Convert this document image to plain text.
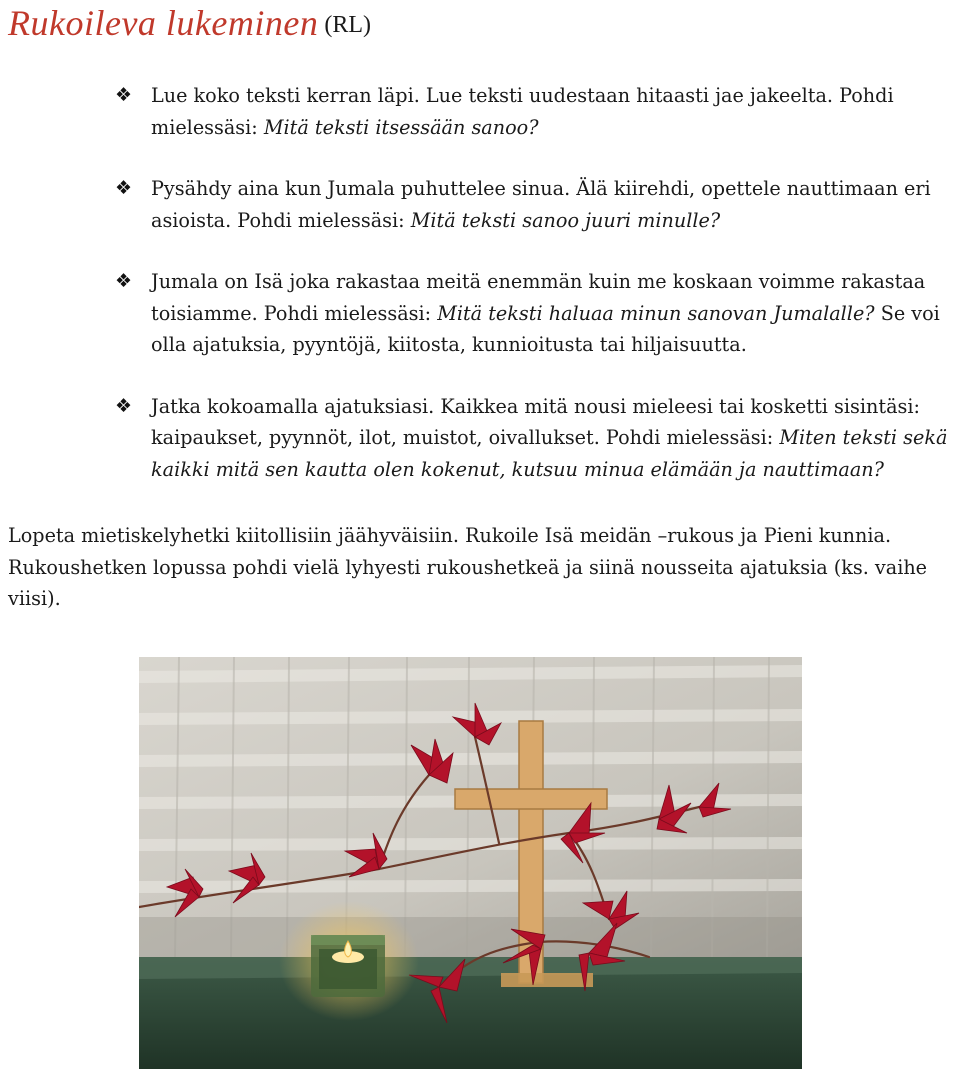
Rukoileva lukeminen (RL)
❖ Lue koko teksti kerran läpi. Lue teksti uudestaan hitaasti jae jakeelta. Pohdi mielessäsi: Mitä teksti itsessään sanoo?
❖ Pysähdy aina kun Jumala puhuttelee sinua. Älä kiirehdi, opettele nauttimaan eri asioista. Pohdi mielessäsi: Mitä teksti sanoo juuri minulle?
❖ Jumala on Isä joka rakastaa meitä enemmän kuin me koskaan voimme rakastaa toisiamme. Pohdi mielessäsi: Mitä teksti haluaa minun sanovan Jumalalle? Se voi olla ajatuksia, pyyntöjä, kiitosta, kunnioitusta tai hiljaisuutta.
❖ Jatka kokoamalla ajatuksiasi. Kaikkea mitä nousi mieleesi tai kosketti sisintäsi: kaipaukset, pyynnöt, ilot, muistot, oivallukset. Pohdi mielessäsi: Miten teksti sekä kaikki mitä sen kautta olen kokenut, kutsuu minua elämään ja nauttimaan?

Lopeta mietiskelyhetki kiitollisiin jäähyväisiin. Rukoile Isä meidän –rukous ja Pieni kunnia. Rukoushetken lopussa pohdi vielä lyhyesti rukoushetkeä ja siinä nousseita ajatuksia (ks. vaihe viisi).
